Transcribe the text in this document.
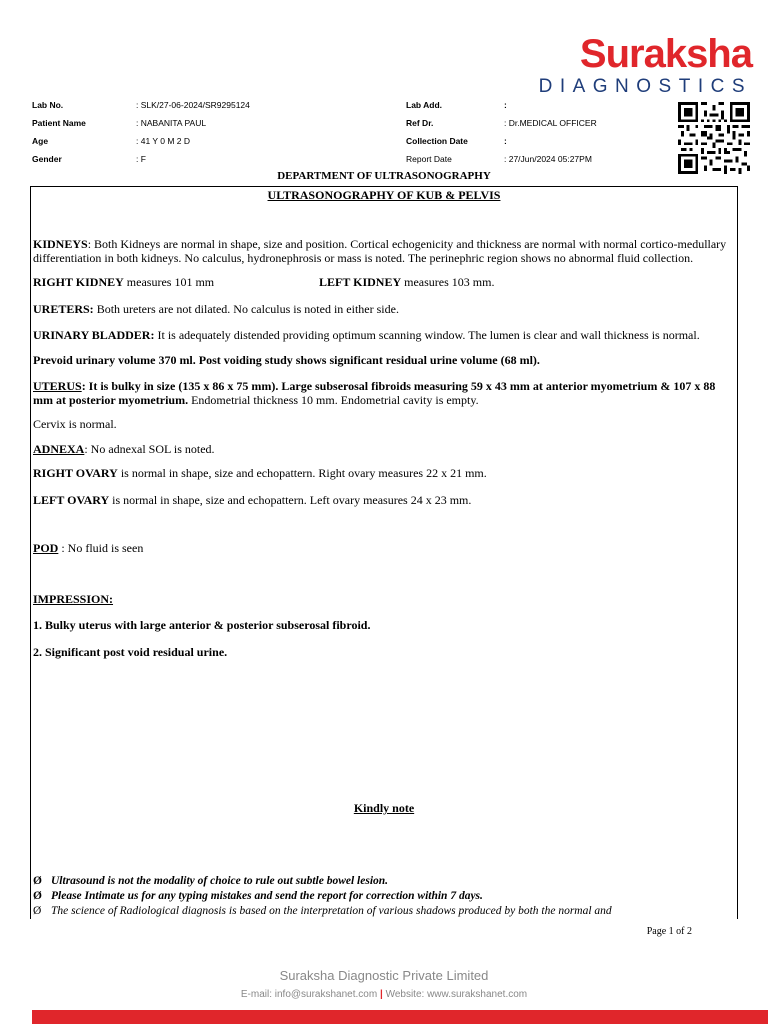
Suraksha
DIAGNOSTICS
Lab No.	: SLK/27-06-2024/SR9295124	Lab Add.	:
Patient Name	: NABANITA PAUL	Ref Dr.	: Dr.MEDICAL OFFICER
Age	: 41 Y 0 M 2 D	Collection Date	:
Gender	: F	Report Date	: 27/Jun/2024 05:27PM
DEPARTMENT OF ULTRASONOGRAPHY
ULTRASONOGRAPHY OF KUB & PELVIS

KIDNEYS: Both Kidneys are normal in shape, size and position. Cortical echogenicity and thickness are normal with normal cortico-medullary differentiation in both kidneys. No calculus, hydronephrosis or mass is noted. The perinephric region shows no abnormal fluid collection.

RIGHT KIDNEY measures 101 mm	LEFT KIDNEY measures 103 mm.

URETERS: Both ureters are not dilated. No calculus is noted in either side.

URINARY BLADDER: It is adequately distended providing optimum scanning window. The lumen is clear and wall thickness is normal.

Prevoid urinary volume 370 ml. Post voiding study shows significant residual urine volume (68 ml).

UTERUS: It is bulky in size (135 x 86 x 75 mm). Large subserosal fibroids measuring 59 x 43 mm at anterior myometrium & 107 x 88 mm at posterior myometrium. Endometrial thickness 10 mm. Endometrial cavity is empty.

Cervix is normal.

ADNEXA: No adnexal SOL is noted.

RIGHT OVARY is normal in shape, size and echopattern. Right ovary measures 22 x 21 mm.

LEFT OVARY is normal in shape, size and echopattern. Left ovary measures 24 x 23 mm.

POD : No fluid is seen

IMPRESSION:

1. Bulky uterus with large anterior & posterior subserosal fibroid.

2. Significant post void residual urine.

Kindly note
Ø Ultrasound is not the modality of choice to rule out subtle bowel lesion.
Ø Please Intimate us for any typing mistakes and send the report for correction within 7 days.
Ø The science of Radiological diagnosis is based on the interpretation of various shadows produced by both the normal and
Page 1 of 2
Suraksha Diagnostic Private Limited
E-mail: info@surakshanet.com | Website: www.surakshanet.com
